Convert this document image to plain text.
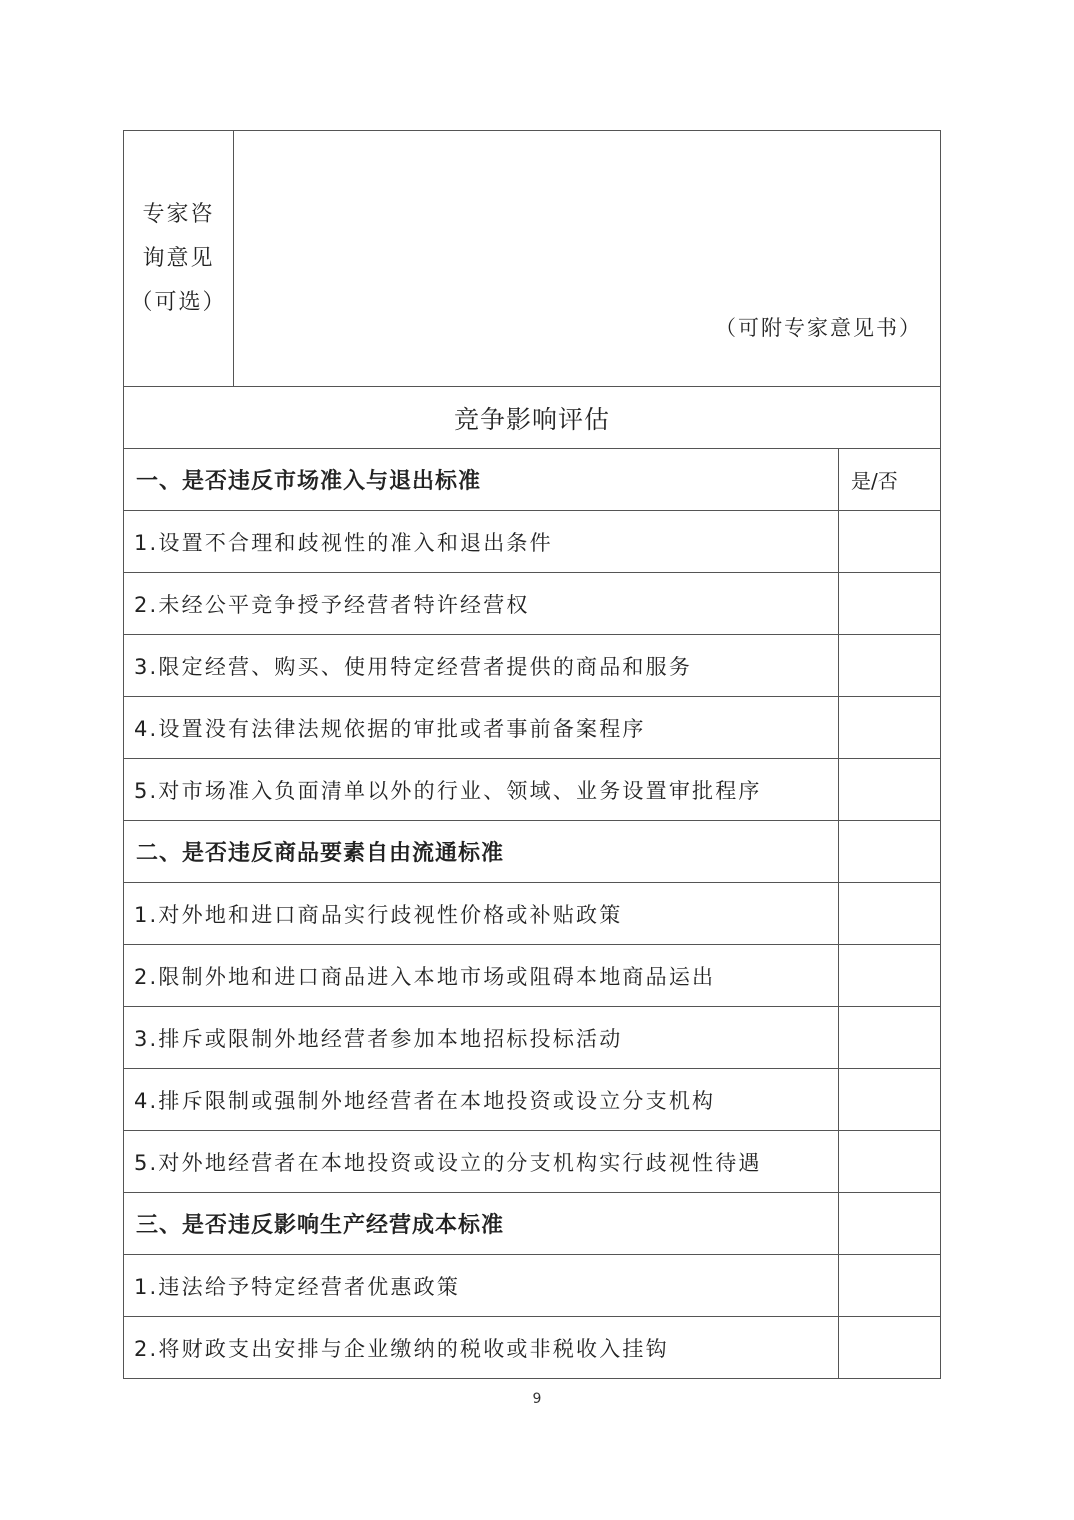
专家咨
询意见
（可选）	（可附专家意见书）	

竞争影响评估		
一、是否违反市场准入与退出标准		是/否
1.设置不合理和歧视性的准入和退出条件		
2.未经公平竞争授予经营者特许经营权		
3.限定经营、购买、使用特定经营者提供的商品和服务		
4.设置没有法律法规依据的审批或者事前备案程序		
5.对市场准入负面清单以外的行业、领域、业务设置审批程序		
二、是否违反商品要素自由流通标准		
1.对外地和进口商品实行歧视性价格或补贴政策		
2.限制外地和进口商品进入本地市场或阻碍本地商品运出		
3.排斥或限制外地经营者参加本地招标投标活动		
4.排斥限制或强制外地经营者在本地投资或设立分支机构		
5.对外地经营者在本地投资或设立的分支机构实行歧视性待遇		
三、是否违反影响生产经营成本标准		
1.违法给予特定经营者优惠政策		
2.将财政支出安排与企业缴纳的税收或非税收入挂钩		
9
